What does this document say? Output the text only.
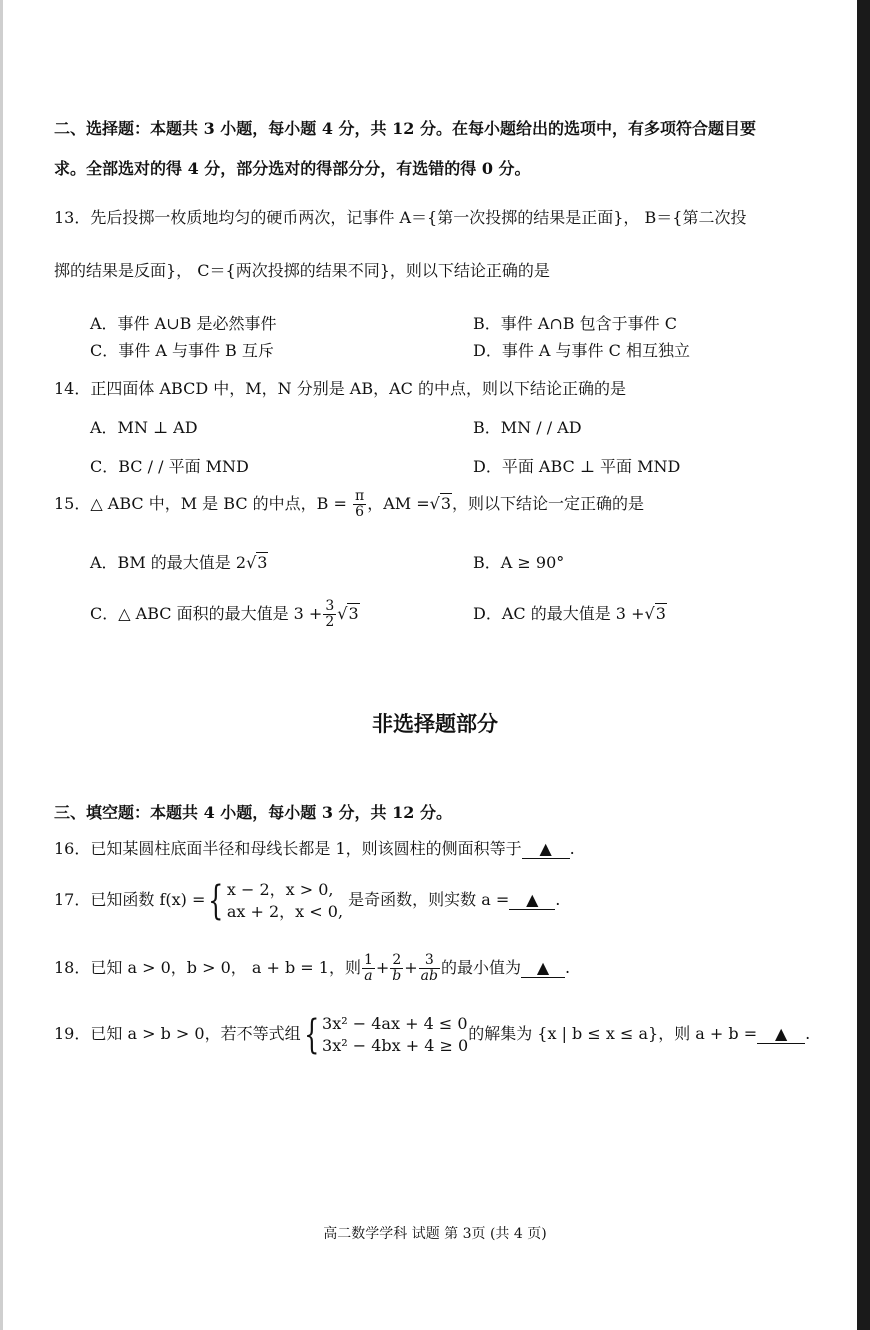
二、选择题：本题共 3 小题，每小题 4 分，共 12 分。在每小题给出的选项中，有多项符合题目要
求。全部选对的得 4 分，部分选对的得部分分，有选错的得 0 分。
13．先后投掷一枚质地均匀的硬币两次，记事件 A＝{第一次投掷的结果是正面}， B＝{第二次投
掷的结果是反面}， C＝{两次投掷的结果不同}，则以下结论正确的是
A．事件 A∪B 是必然事件	B．事件 A∩B 包含于事件 C
C．事件 A 与事件 B 互斥	D．事件 A 与事件 C 相互独立
14．正四面体 ABCD 中，M，N 分别是 AB，AC 的中点，则以下结论正确的是
A．MN ⊥ AD	B．MN / / AD
C．BC / / 平面 MND	D．平面 ABC ⊥ 平面 MND
15．△ ABC 中，M 是 BC 的中点，$B = \frac{\pi}{6}$ ，AM =√3，则以下结论一定正确的是
A．BM 的最大值是 2√3	B．A ≥ 90°
C．△ ABC 面积的最大值是 $3 + \frac{3}{2} √3$	D．AC 的最大值是 3 +√3
非选择题部分
三、填空题：本题共 4 小题，每小题 3 分，共 12 分。
16．已知某圆柱底面半径和母线长都是 1，则该圆柱的侧面积等于 ▲ .
17．已知函数 f(x) ={ x − 2，x > 0,
ax + 2，x < 0,
是奇函数，则实数 a = ▲ .
18．已知 a > 0，b > 0， a + b = 1，则 $\frac{1}{a} + \frac{2}{b} + \frac{3}{ab}$ 的最小值为 ▲ .
19．已知 a > b > 0，若不等式组{ 3x² − 4ax + 4 ≤ 0
3x² − 4bx + 4 ≥ 0
的解集为 {x | b ≤ x ≤ a}，则 a + b = ▲ .
高二数学学科 试题 第 3页 (共 4 页)
